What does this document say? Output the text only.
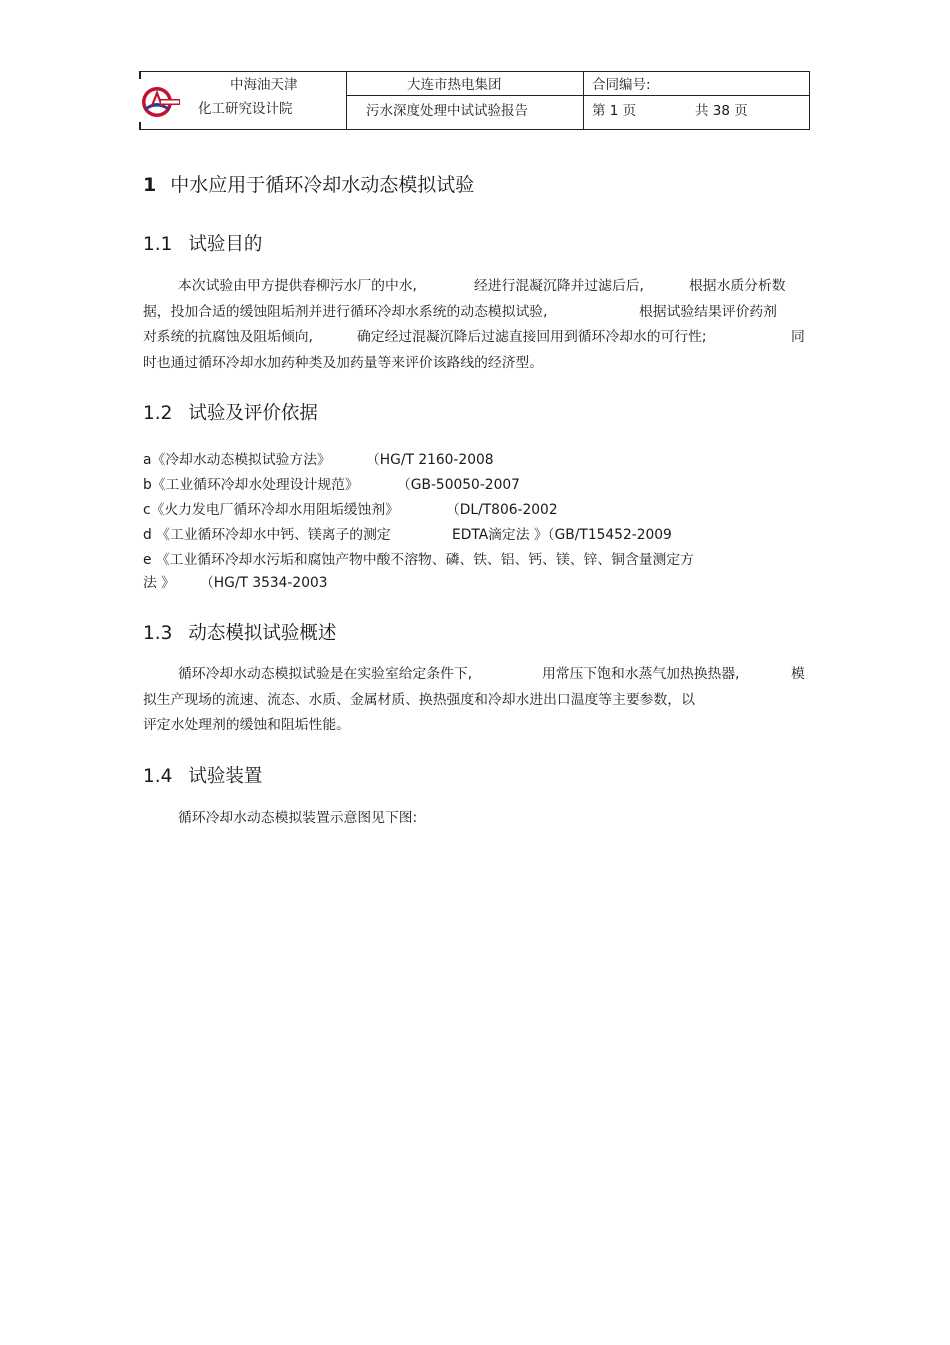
中海油天津
化工研究设计院
大连市热电集团
污水深度处理中试试验报告
合同编号:
第 1 页	共 38 页
1 中水应用于循环冷却水动态模拟试验
1.1 试验目的
本次试验由甲方提供春柳污水厂的中水,	经进行混凝沉降并过滤后后,	根据水质分析数
据，投加合适的缓蚀阻垢剂并进行循环冷却水系统的动态模拟试验,	根据试验结果评价药剂
对系统的抗腐蚀及阻垢倾向,	确定经过混凝沉降后过滤直接回用到循环冷却水的可行性;	同
时也通过循环冷却水加药种类及加药量等来评价该路线的经济型。
1.2 试验及评价依据
a《冷却水动态模拟试验方法》	（HG/T 2160-2008
b《工业循环冷却水处理设计规范》	（GB-50050-2007
c《火力发电厂循环冷却水用阻垢缓蚀剂》	（DL/T806-2002
d 《工业循环冷却水中钙、镁离子的测定	EDTA滴定法 》（GB/T15452-2009
e 《工业循环冷却水污垢和腐蚀产物中酸不溶物、磷、铁、铝、钙、镁、锌、铜含量测定方
法 》 （HG/T 3534-2003
1.3 动态模拟试验概述
循环冷却水动态模拟试验是在实验室给定条件下,	用常压下饱和水蒸气加热换热器,	模
拟生产现场的流速、流态、水质、金属材质、换热强度和冷却水进出口温度等主要参数，以
评定水处理剂的缓蚀和阻垢性能。
1.4 试验装置
循环冷却水动态模拟装置示意图见下图:
